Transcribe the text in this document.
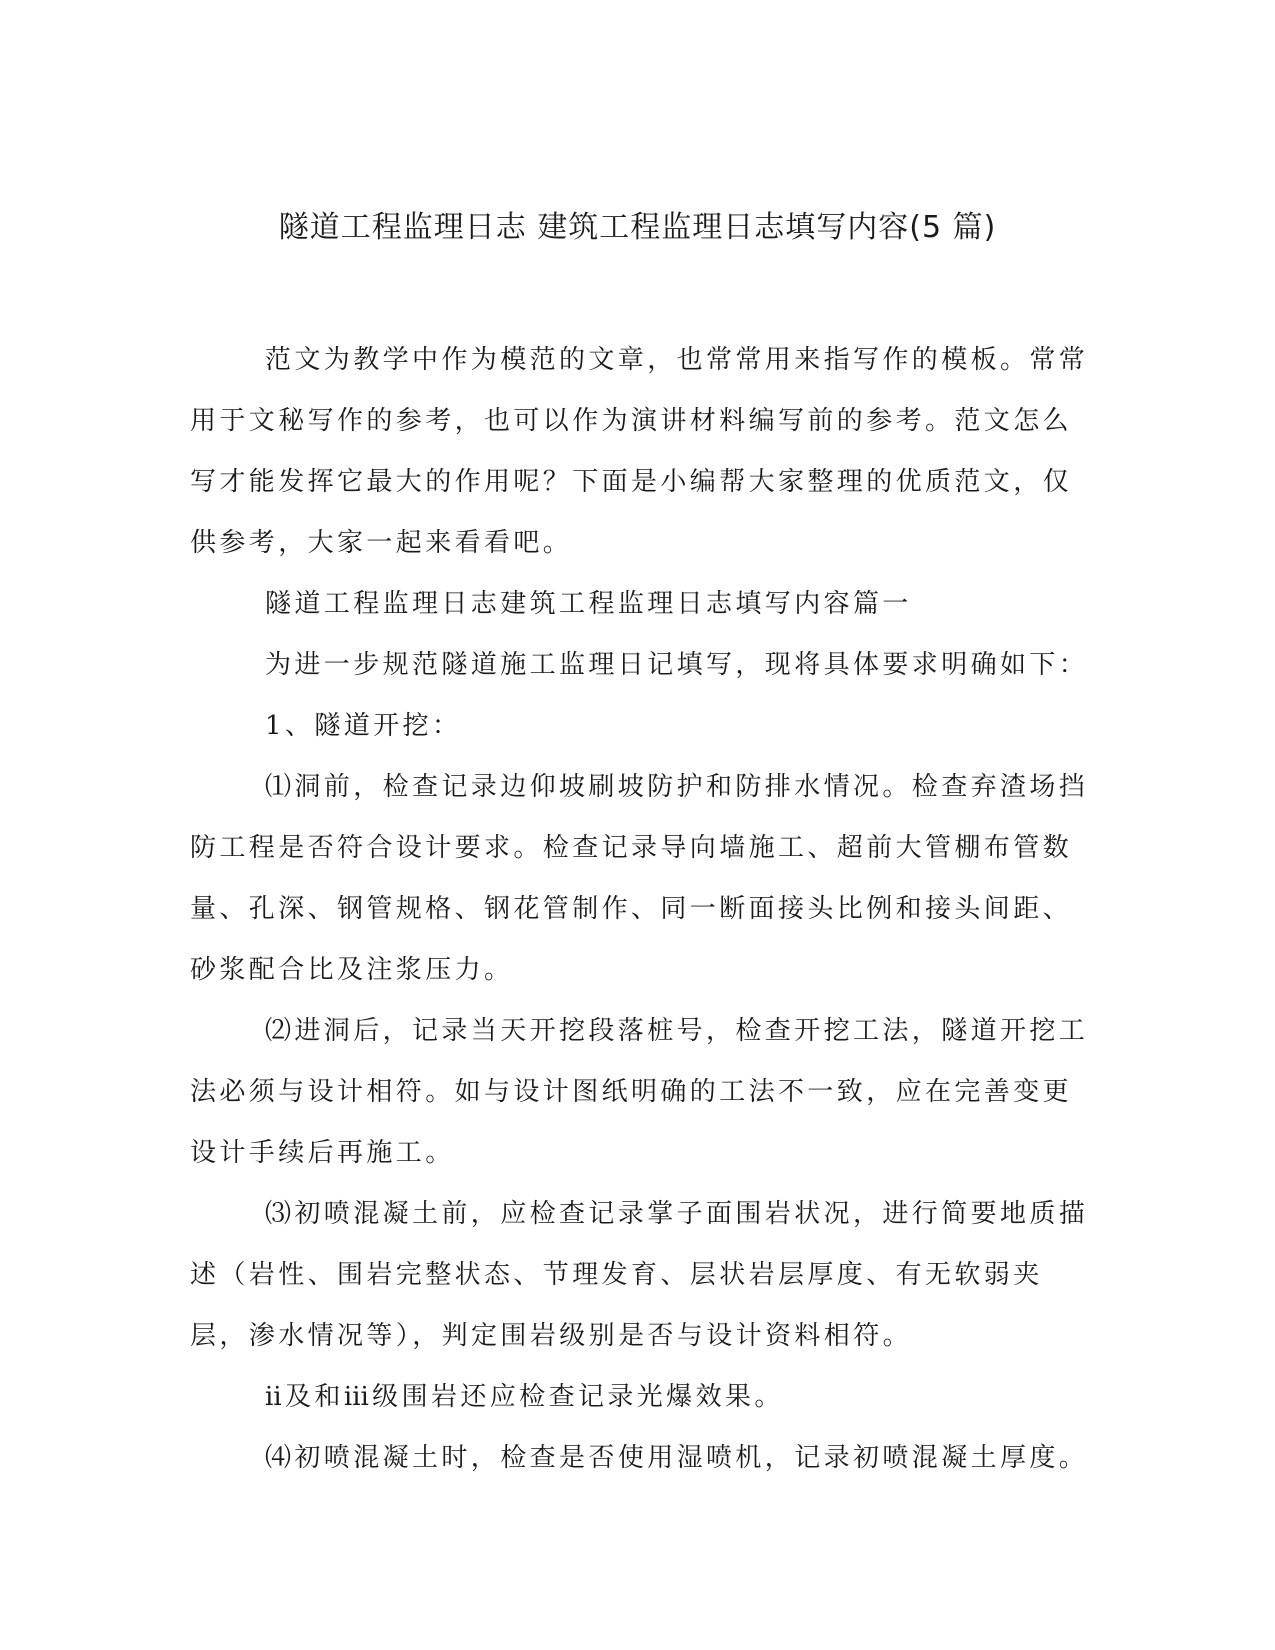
隧道工程监理日志 建筑工程监理日志填写内容(5 篇)

范文为教学中作为模范的文章，也常常用来指写作的模板。常常用于文秘写作的参考，也可以作为演讲材料编写前的参考。范文怎么写才能发挥它最大的作用呢？下面是小编帮大家整理的优质范文，仅供参考，大家一起来看看吧。

隧道工程监理日志建筑工程监理日志填写内容篇一

为进一步规范隧道施工监理日记填写，现将具体要求明确如下：

1、隧道开挖：

⑴洞前，检查记录边仰坡刷坡防护和防排水情况。检查弃渣场挡防工程是否符合设计要求。检查记录导向墙施工、超前大管棚布管数量、孔深、钢管规格、钢花管制作、同一断面接头比例和接头间距、砂浆配合比及注浆压力。

⑵进洞后，记录当天开挖段落桩号，检查开挖工法，隧道开挖工法必须与设计相符。如与设计图纸明确的工法不一致，应在完善变更设计手续后再施工。

⑶初喷混凝土前，应检查记录掌子面围岩状况，进行简要地质描述（岩性、围岩完整状态、节理发育、层状岩层厚度、有无软弱夹层，渗水情况等），判定围岩级别是否与设计资料相符。

ⅱ及和ⅲ级围岩还应检查记录光爆效果。

⑷初喷混凝土时，检查是否使用湿喷机，记录初喷混凝土厚度。
